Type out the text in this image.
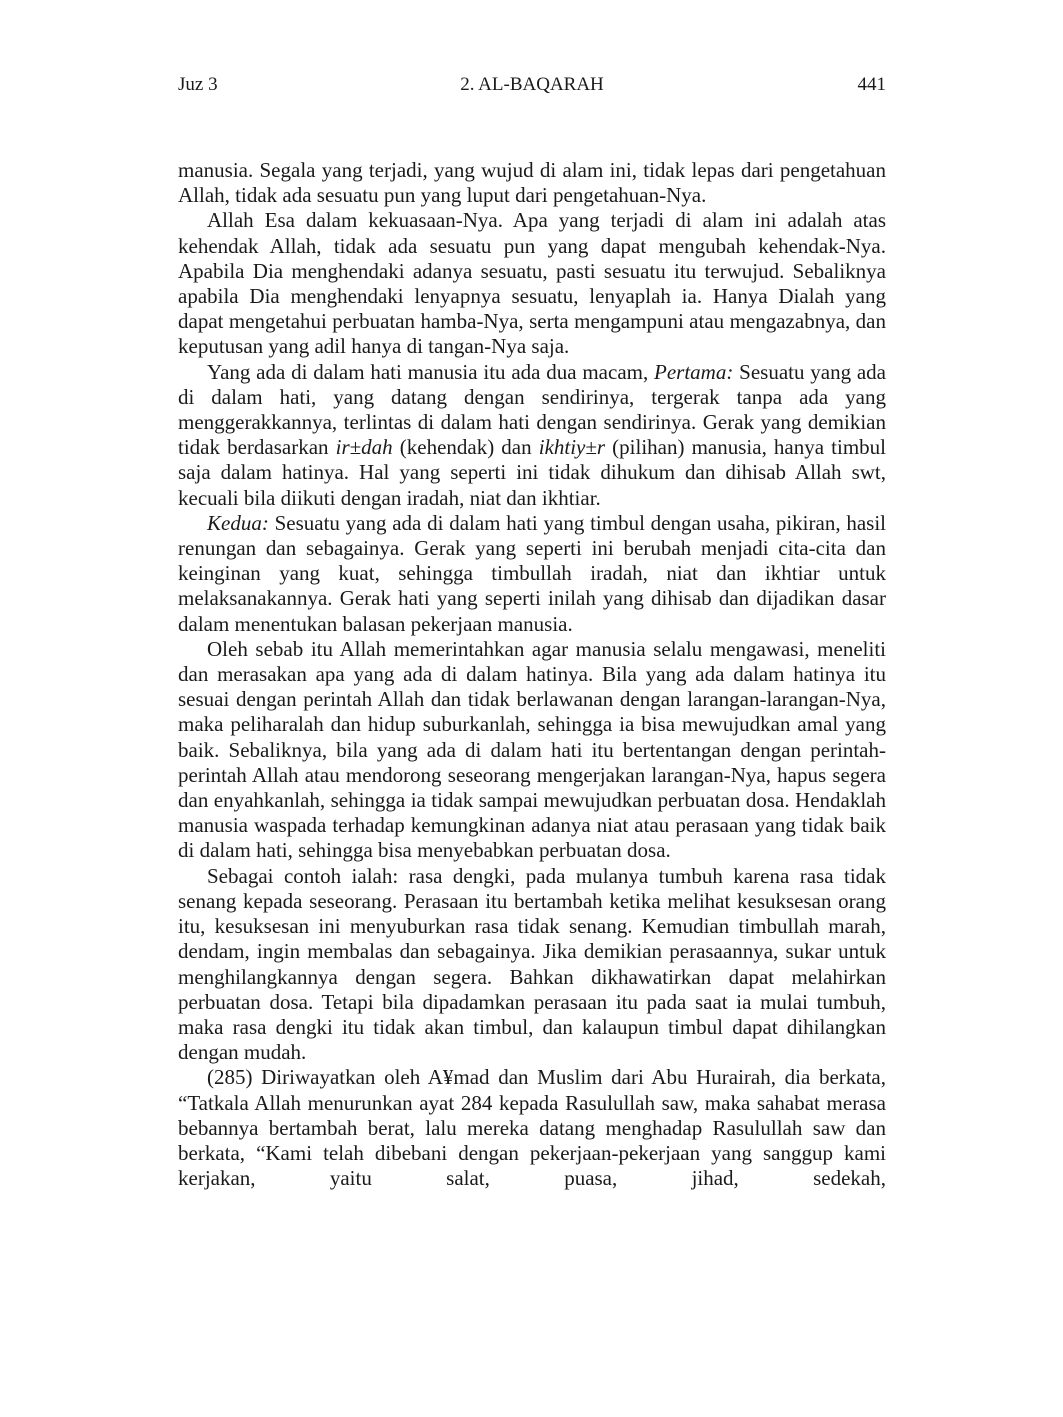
Juz 3	2. AL-BAQARAH	441

manusia. Segala yang terjadi, yang wujud di alam ini, tidak lepas dari pengetahuan Allah, tidak ada sesuatu pun yang luput dari pengetahuan-Nya.

Allah Esa dalam kekuasaan-Nya. Apa yang terjadi di alam ini adalah atas kehendak Allah, tidak ada sesuatu pun yang dapat mengubah kehendak-Nya. Apabila Dia menghendaki adanya sesuatu, pasti sesuatu itu terwujud. Sebaliknya apabila Dia menghendaki lenyapnya sesuatu, lenyaplah ia. Hanya Dialah yang dapat mengetahui perbuatan hamba-Nya, serta mengampuni atau mengazabnya, dan keputusan yang adil hanya di tangan-Nya saja.

Yang ada di dalam hati manusia itu ada dua macam, Pertama: Sesuatu yang ada di dalam hati, yang datang dengan sendirinya, tergerak tanpa ada yang menggerakkannya, terlintas di dalam hati dengan sendirinya. Gerak yang demikian tidak berdasarkan ir±dah (kehendak) dan ikhtiy±r (pilihan) manusia, hanya timbul saja dalam hatinya. Hal yang seperti ini tidak dihukum dan dihisab Allah swt, kecuali bila diikuti dengan iradah, niat dan ikhtiar.

Kedua: Sesuatu yang ada di dalam hati yang timbul dengan usaha, pikiran, hasil renungan dan sebagainya. Gerak yang seperti ini berubah menjadi cita-cita dan keinginan yang kuat, sehingga timbullah iradah, niat dan ikhtiar untuk melaksanakannya. Gerak hati yang seperti inilah yang dihisab dan dijadikan dasar dalam menentukan balasan pekerjaan manusia.

Oleh sebab itu Allah memerintahkan agar manusia selalu mengawasi, meneliti dan merasakan apa yang ada di dalam hatinya. Bila yang ada dalam hatinya itu sesuai dengan perintah Allah dan tidak berlawanan dengan larangan-larangan-Nya, maka peliharalah dan hidup suburkanlah, sehingga ia bisa mewujudkan amal yang baik. Sebaliknya, bila yang ada di dalam hati itu bertentangan dengan perintah-perintah Allah atau mendorong seseorang mengerjakan larangan-Nya, hapus segera dan enyahkanlah, sehingga ia tidak sampai mewujudkan perbuatan dosa. Hendaklah manusia waspada terhadap kemungkinan adanya niat atau perasaan yang tidak baik di dalam hati, sehingga bisa menyebabkan perbuatan dosa.

Sebagai contoh ialah: rasa dengki, pada mulanya tumbuh karena rasa tidak senang kepada seseorang. Perasaan itu bertambah ketika melihat kesuksesan orang itu, kesuksesan ini menyuburkan rasa tidak senang. Kemudian timbullah marah, dendam, ingin membalas dan sebagainya. Jika demikian perasaannya, sukar untuk menghilangkannya dengan segera. Bahkan dikhawatirkan dapat melahirkan perbuatan dosa. Tetapi bila dipadamkan perasaan itu pada saat ia mulai tumbuh, maka rasa dengki itu tidak akan timbul, dan kalaupun timbul dapat dihilangkan dengan mudah.

(285) Diriwayatkan oleh A¥mad dan Muslim dari Abu Hurairah, dia berkata, “Tatkala Allah menurunkan ayat 284 kepada Rasulullah saw, maka sahabat merasa bebannya bertambah berat, lalu mereka datang menghadap Rasulullah saw dan berkata, “Kami telah dibebani dengan pekerjaan-pekerjaan yang sanggup kami kerjakan, yaitu salat, puasa, jihad, sedekah,
